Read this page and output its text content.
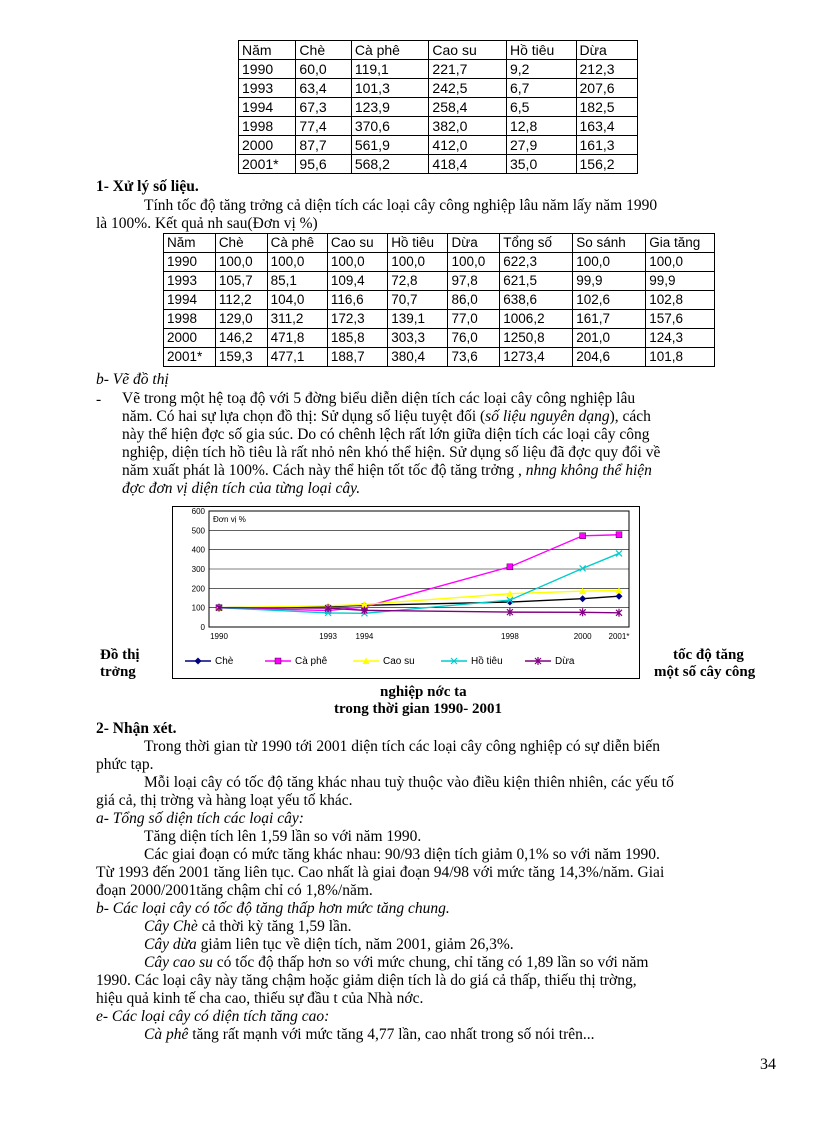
Năm	Chè	Cà phê	Cao su	Hồ tiêu	Dừa
1990	60,0	119,1	221,7	9,2	212,3
1993	63,4	101,3	242,5	6,7	207,6
1994	67,3	123,9	258,4	6,5	182,5
1998	77,4	370,6	382,0	12,8	163,4
2000	87,7	561,9	412,0	27,9	161,3
2001*	95,6	568,2	418,4	35,0	156,2
1- Xử lý số liệu.
Tính tốc độ tăng trởng cả diện tích các loại cây công nghiệp lâu năm lấy năm 1990
là 100%. Kết quả nh sau(Đơn vị %)
Năm	Chè	Cà phê	Cao su	Hồ tiêu	Dừa	Tổng số	So sánh	Gia tăng
1990	100,0	100,0	100,0	100,0	100,0	622,3	100,0	100,0
1993	105,7	85,1	109,4	72,8	97,8	621,5	99,9	99,9
1994	112,2	104,0	116,6	70,7	86,0	638,6	102,6	102,8
1998	129,0	311,2	172,3	139,1	77,0	1006,2	161,7	157,6
2000	146,2	471,8	185,8	303,3	76,0	1250,8	201,0	124,3
2001*	159,3	477,1	188,7	380,4	73,6	1273,4	204,6	101,8
b- Vẽ đồ thị
- Vẽ trong một hệ toạ độ với 5 đờng biểu diễn diện tích các loại cây công nghiệp lâu
năm. Có hai sự lựa chọn đồ thị: Sử dụng số liệu tuyệt đối (số liệu nguyên dạng), cách
này thể hiện đợc số gia súc. Do có chênh lệch rất lớn giữa diện tích các loại cây công
nghiệp, diện tích hồ tiêu là rất nhỏ nên khó thể hiện. Sử dụng số liệu đã đợc quy đổi về
năm xuất phát là 100%. Cách này thể hiện tốt tốc độ tăng trởng , nhng không thể hiện
đợc đơn vị diện tích của từng loại cây.
0
100
200
300
400
500
600
Đơn vị %
1990	1993 1994	1998	2000 2001*
Chè	Cà phê	Cao su	Hồ tiêu	Dừa
Đồ thị
trởng
tốc độ tăng
một số cây công
nghiệp nớc ta
trong thời gian 1990- 2001
2- Nhận xét.
Trong thời gian từ 1990 tới 2001 diện tích các loại cây công nghiệp có sự diễn biến
phức tạp.
Mỗi loại cây có tốc độ tăng khác nhau tuỳ thuộc vào điều kiện thiên nhiên, các yếu tố
giá cả, thị trờng và hàng loạt yếu tố khác.
a- Tổng số diện tích các loại cây:
Tăng diện tích lên 1,59 lần so với năm 1990.
Các giai đoạn có mức tăng khác nhau: 90/93 diện tích giảm 0,1% so với năm 1990.
Từ 1993 đến 2001 tăng liên tục. Cao nhất là giai đoạn 94/98 với mức tăng 14,3%/năm. Giai
đoạn 2000/2001tăng chậm chỉ có 1,8%/năm.
b- Các loại cây có tốc độ tăng thấp hơn mức tăng chung.
Cây Chè cả thời kỳ tăng 1,59 lần.
Cây dừa giảm liên tục về diện tích, năm 2001, giảm 26,3%.
Cây cao su có tốc độ thấp hơn so với mức chung, chỉ tăng có 1,89 lần so với năm
1990. Các loại cây này tăng chậm hoặc giảm diện tích là do giá cả thấp, thiếu thị trờng,
hiệu quả kinh tế cha cao, thiếu sự đầu t của Nhà nớc.
e- Các loại cây có diện tích tăng cao:
Cà phê tăng rất mạnh với mức tăng 4,77 lần, cao nhất trong số nói trên...
34
